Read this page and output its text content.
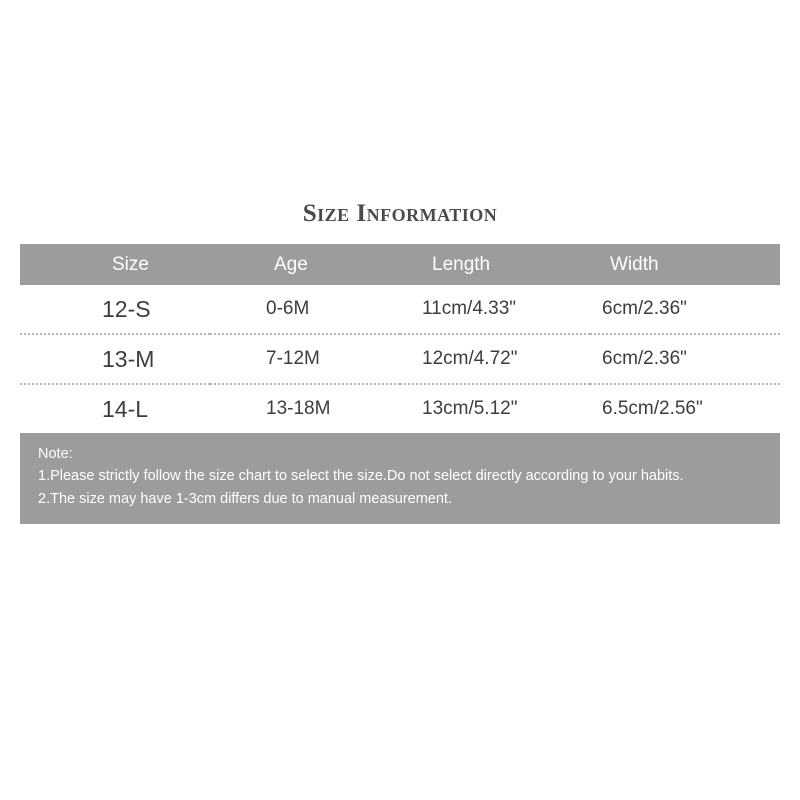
Size Information
Size	Age	Length	Width

12-S	0-6M	11cm/4.33"	6cm/2.36"

13-M	7-12M	12cm/4.72"	6cm/2.36"

14-L	13-18M	13cm/5.12"	6.5cm/2.56"
Note:
1.Please strictly follow the size chart to select the size.Do not select directly according to your habits.
2.The size may have 1-3cm differs due to manual measurement.
